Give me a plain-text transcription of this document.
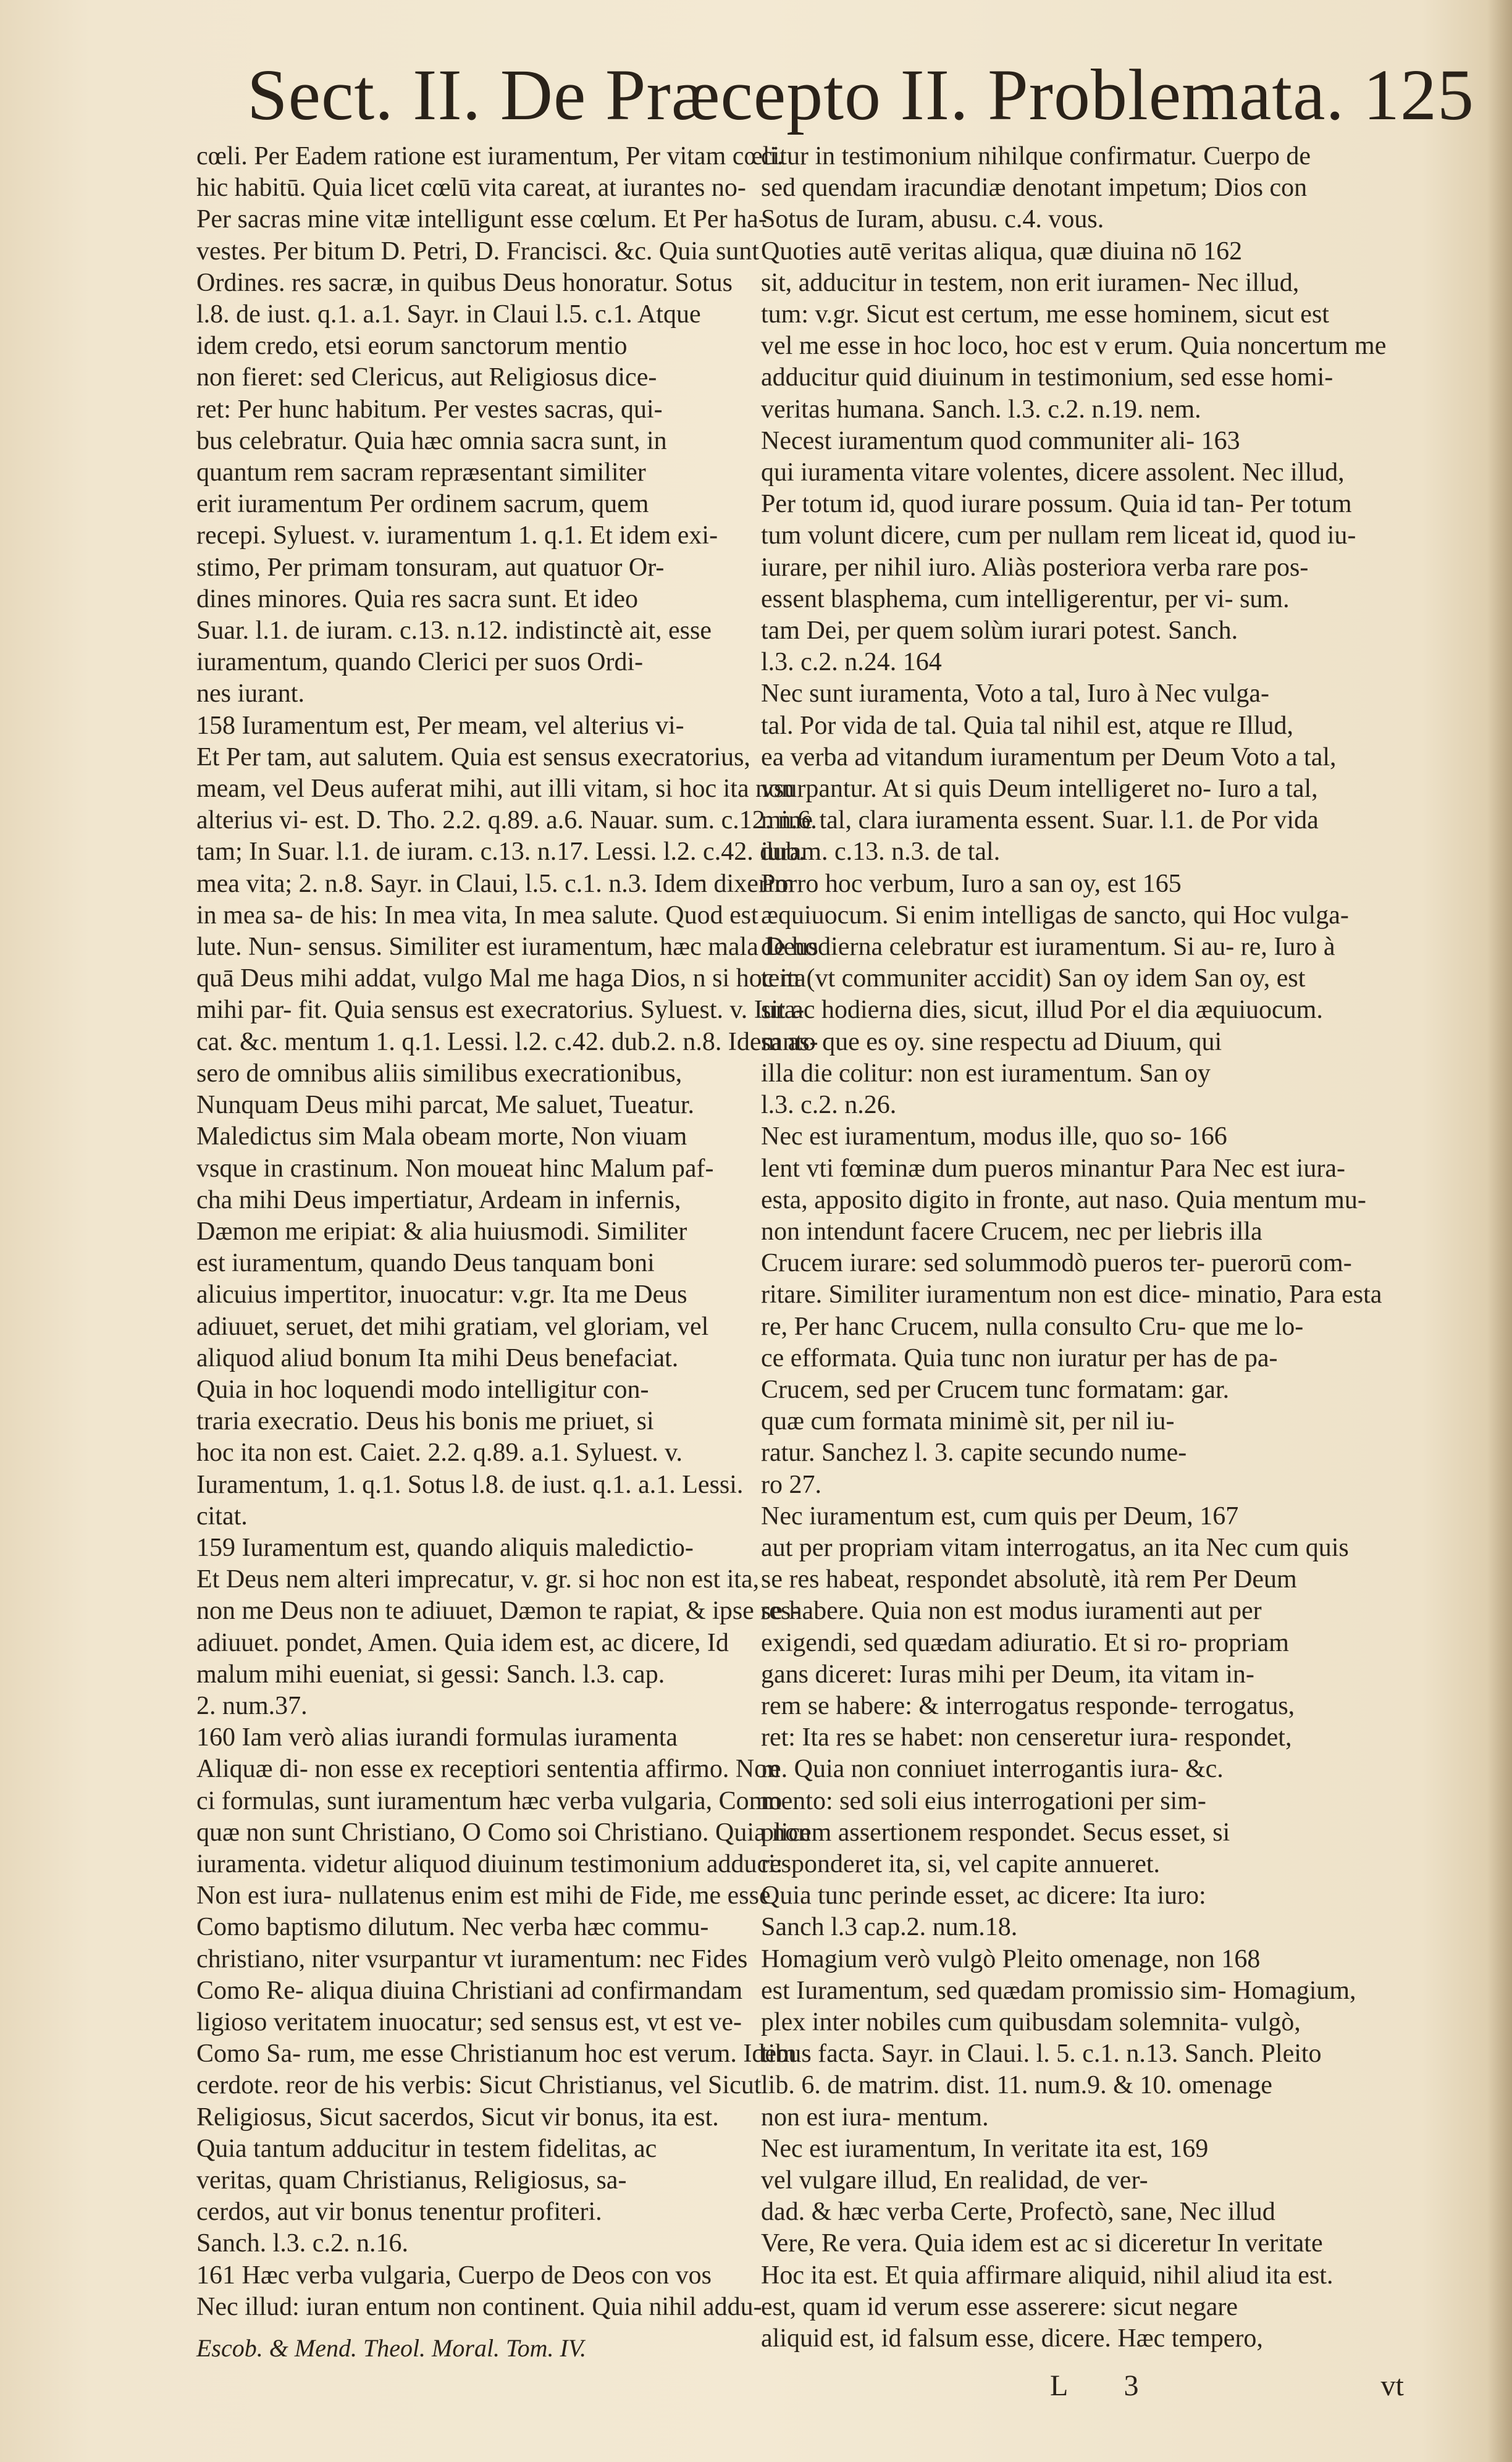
Sect. II. De Præcepto II. Problemata. 125
cœli. Per Eadem ratione est iuramentum, Per vitam cœli.
hic habitū. Quia licet cœlū vita careat, at iurantes no-
Per sacras mine vitæ intelligunt esse cœlum. Et Per ha-
vestes. Per bitum D. Petri, D. Francisci. &c. Quia sunt
Ordines. res sacræ, in quibus Deus honoratur. Sotus
l.8. de iust. q.1. a.1. Sayr. in Claui l.5. c.1. Atque
idem credo, etsi eorum sanctorum mentio
non fieret: sed Clericus, aut Religiosus dice-
ret: Per hunc habitum. Per vestes sacras, qui-
bus celebratur. Quia hæc omnia sacra sunt, in
quantum rem sacram repræsentant similiter
erit iuramentum Per ordinem sacrum, quem
recepi. Syluest. v. iuramentum 1. q.1. Et idem exi-
stimo, Per primam tonsuram, aut quatuor Or-
dines minores. Quia res sacra sunt. Et ideo
Suar. l.1. de iuram. c.13. n.12. indistinctè ait, esse
iuramentum, quando Clerici per suos Ordi-
nes iurant.
158 Iuramentum est, Per meam, vel alterius vi-
Et Per tam, aut salutem. Quia est sensus execratorius,
meam, vel Deus auferat mihi, aut illi vitam, si hoc ita non
alterius vi- est. D. Tho. 2.2. q.89. a.6. Nauar. sum. c.12. n.6.
tam; In Suar. l.1. de iuram. c.13. n.17. Lessi. l.2. c.42. dub.
mea vita; 2. n.8. Sayr. in Claui, l.5. c.1. n.3. Idem dixerim
in mea sa- de his: In mea vita, In mea salute. Quod est
lute. Nun- sensus. Similiter est iuramentum, hæc mala Deus
quā Deus mihi addat, vulgo Mal me haga Dios, n si hoc ita
mihi par- fit. Quia sensus est execratorius. Syluest. v. Iura-
cat. &c. mentum 1. q.1. Lessi. l.2. c.42. dub.2. n.8. Idem as-
sero de omnibus aliis similibus execrationibus,
Nunquam Deus mihi parcat, Me saluet, Tueatur.
Maledictus sim Mala obeam morte, Non viuam
vsque in crastinum. Non moueat hinc Malum paf-
cha mihi Deus impertiatur, Ardeam in infernis,
Dæmon me eripiat: & alia huiusmodi. Similiter
est iuramentum, quando Deus tanquam boni
alicuius impertitor, inuocatur: v.gr. Ita me Deus
adiuuet, seruet, det mihi gratiam, vel gloriam, vel
aliquod aliud bonum Ita mihi Deus benefaciat.
Quia in hoc loquendi modo intelligitur con-
traria execratio. Deus his bonis me priuet, si
hoc ita non est. Caiet. 2.2. q.89. a.1. Syluest. v.
Iuramentum, 1. q.1. Sotus l.8. de iust. q.1. a.1. Lessi.
citat.
159 Iuramentum est, quando aliquis maledictio-
Et Deus nem alteri imprecatur, v. gr. si hoc non est ita,
non me Deus non te adiuuet, Dæmon te rapiat, & ipse res-
adiuuet. pondet, Amen. Quia idem est, ac dicere, Id
malum mihi eueniat, si gessi: Sanch. l.3. cap.
2. num.37.
160 Iam verò alias iurandi formulas iuramenta
Aliquæ di- non esse ex receptiori sententia affirmo. Non
ci formulas, sunt iuramentum hæc verba vulgaria, Como
quæ non sunt Christiano, O Como soi Christiano. Quia non
iuramenta. videtur aliquod diuinum testimonium adduci:
Non est iura- nullatenus enim est mihi de Fide, me esse
Como baptismo dilutum. Nec verba hæc commu-
christiano, niter vsurpantur vt iuramentum: nec Fides
Como Re- aliqua diuina Christiani ad confirmandam
ligioso veritatem inuocatur; sed sensus est, vt est ve-
Como Sa- rum, me esse Christianum hoc est verum. Idem
cerdote. reor de his verbis: Sicut Christianus, vel Sicut
Religiosus, Sicut sacerdos, Sicut vir bonus, ita est.
Quia tantum adducitur in testem fidelitas, ac
veritas, quam Christianus, Religiosus, sa-
cerdos, aut vir bonus tenentur profiteri.
Sanch. l.3. c.2. n.16.
161 Hæc verba vulgaria, Cuerpo de Deos con vos
Nec illud: iuran entum non continent. Quia nihil addu-
citur in testimonium nihilque confirmatur. Cuerpo de
sed quendam iracundiæ denotant impetum; Dios con
Sotus de Iuram, abusu. c.4. vous.
Quoties autē veritas aliqua, quæ diuina nō 162
sit, adducitur in testem, non erit iuramen- Nec illud,
tum: v.gr. Sicut est certum, me esse hominem, sicut est
vel me esse in hoc loco, hoc est v erum. Quia noncertum me
adducitur quid diuinum in testimonium, sed esse homi-
veritas humana. Sanch. l.3. c.2. n.19. nem.
Necest iuramentum quod communiter ali- 163
qui iuramenta vitare volentes, dicere assolent. Nec illud,
Per totum id, quod iurare possum. Quia id tan- Per totum
tum volunt dicere, cum per nullam rem liceat id, quod iu-
iurare, per nihil iuro. Aliàs posteriora verba rare pos-
essent blasphema, cum intelligerentur, per vi- sum.
tam Dei, per quem solùm iurari potest. Sanch.
l.3. c.2. n.24. 164
Nec sunt iuramenta, Voto a tal, Iuro à Nec vulga-
tal. Por vida de tal. Quia tal nihil est, atque re Illud,
ea verba ad vitandum iuramentum per Deum Voto a tal,
vsurpantur. At si quis Deum intelligeret no- Iuro a tal,
mine tal, clara iuramenta essent. Suar. l.1. de Por vida
iuram. c.13. n.3. de tal.
Porro hoc verbum, Iuro a san oy, est 165
æquiuocum. Si enim intelligas de sancto, qui Hoc vulga-
de hodierna celebratur est iuramentum. Si au- re, Iuro à
tem (vt communiter accidit) San oy idem San oy, est
sit ac hodierna dies, sicut, illud Por el dia æquiuocum.
santo que es oy. sine respectu ad Diuum, qui
illa die colitur: non est iuramentum. San oy
l.3. c.2. n.26.
Nec est iuramentum, modus ille, quo so- 166
lent vti fœminæ dum pueros minantur Para Nec est iura-
esta, apposito digito in fronte, aut naso. Quia mentum mu-
non intendunt facere Crucem, nec per liebris illa
Crucem iurare: sed solummodò pueros ter- puerorū com-
ritare. Similiter iuramentum non est dice- minatio, Para esta
re, Per hanc Crucem, nulla consulto Cru- que me lo-
ce efformata. Quia tunc non iuratur per has de pa-
Crucem, sed per Crucem tunc formatam: gar.
quæ cum formata minimè sit, per nil iu-
ratur. Sanchez l. 3. capite secundo nume-
ro 27.
Nec iuramentum est, cum quis per Deum, 167
aut per propriam vitam interrogatus, an ita Nec cum quis
se res habeat, respondet absolutè, ità rem Per Deum
se habere. Quia non est modus iuramenti aut per
exigendi, sed quædam adiuratio. Et si ro- propriam
gans diceret: Iuras mihi per Deum, ita vitam in-
rem se habere: & interrogatus responde- terrogatus,
ret: Ita res se habet: non censeretur iura- respondet,
re. Quia non conniuet interrogantis iura- &c.
mento: sed soli eius interrogationi per sim-
plicem assertionem respondet. Secus esset, si
responderet ita, si, vel capite annueret.
Quia tunc perinde esset, ac dicere: Ita iuro:
Sanch l.3 cap.2. num.18.
Homagium verò vulgò Pleito omenage, non 168
est Iuramentum, sed quædam promissio sim- Homagium,
plex inter nobiles cum quibusdam solemnita- vulgò,
tibus facta. Sayr. in Claui. l. 5. c.1. n.13. Sanch. Pleito
lib. 6. de matrim. dist. 11. num.9. & 10. omenage
non est iura- mentum.
Nec est iuramentum, In veritate ita est, 169
vel vulgare illud, En realidad, de ver-
dad. & hæc verba Certe, Profectò, sane, Nec illud
Vere, Re vera. Quia idem est ac si diceretur In veritate
Hoc ita est. Et quia affirmare aliquid, nihil aliud ita est.
est, quam id verum esse asserere: sicut negare
aliquid est, id falsum esse, dicere. Hæc tempero,
Escob. & Mend. Theol. Moral. Tom. IV.
L 3	vt
